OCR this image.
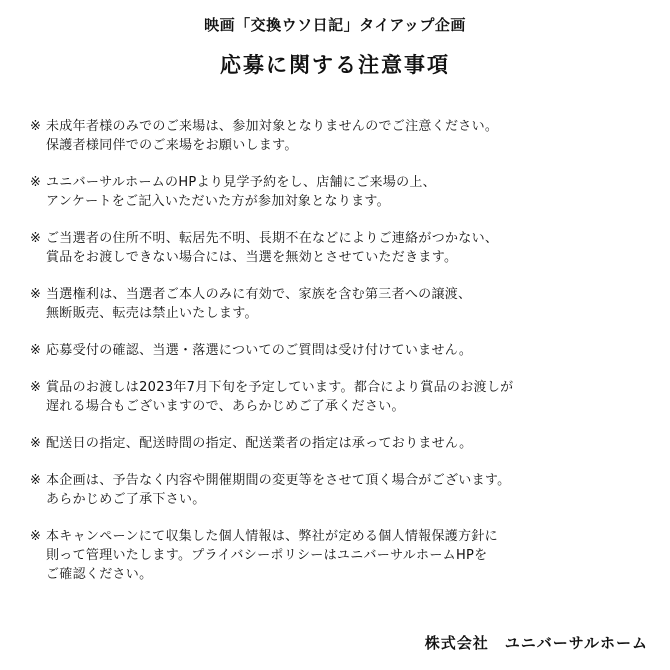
映画「交換ウソ日記」タイアップ企画
応募に関する注意事項
※ 未成年者様のみでのご来場は、参加対象となりませんのでご注意ください。
保護者様同伴でのご来場をお願いします。
※ ユニバーサルホームのHPより見学予約をし、店舗にご来場の上、
アンケートをご記入いただいた方が参加対象となります。
※ ご当選者の住所不明、転居先不明、長期不在などによりご連絡がつかない、
賞品をお渡しできない場合には、当選を無効とさせていただきます。
※ 当選権利は、当選者ご本人のみに有効で、家族を含む第三者への譲渡、
無断販売、転売は禁止いたします。
※ 応募受付の確認、当選・落選についてのご質問は受け付けていません。
※ 賞品のお渡しは2023年7月下旬を予定しています。都合により賞品のお渡しが
遅れる場合もございますので、あらかじめご了承ください。
※ 配送日の指定、配送時間の指定、配送業者の指定は承っておりません。
※ 本企画は、予告なく内容や開催期間の変更等をさせて頂く場合がございます。
あらかじめご了承下さい。
※ 本キャンペーンにて収集した個人情報は、弊社が定める個人情報保護方針に
則って管理いたします。プライバシーポリシーはユニバーサルホームHPを
ご確認ください。
株式会社　ユニバーサルホーム
